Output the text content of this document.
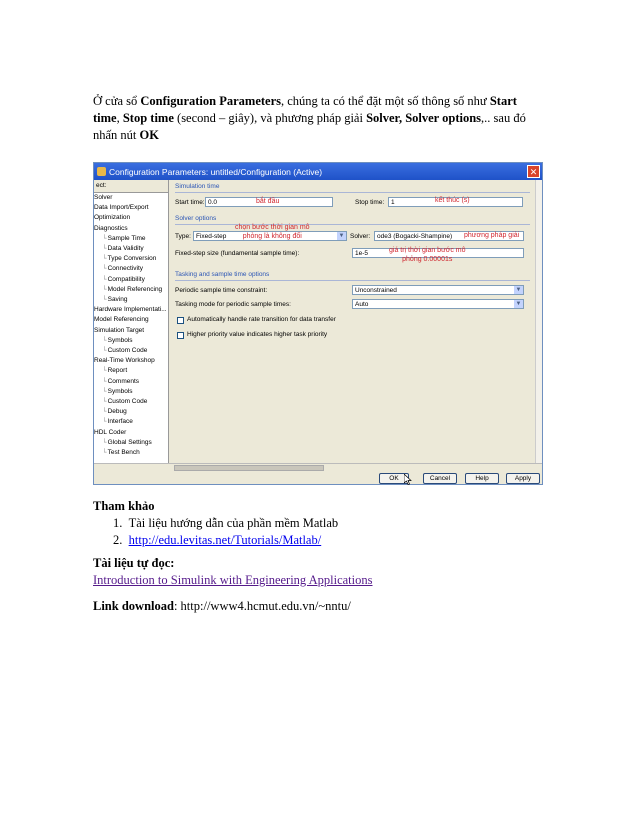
Ở cửa sổ Configuration Parameters, chúng ta có thể đặt một số thông số như Start
time, Stop time (second – giây), và phương pháp giải Solver, Solver options,.. sau đó
nhấn nút OK
Configuration Parameters: untitled/Configuration (Active)	✕
ect:
Solver
Data Import/Export
Optimization
Diagnostics
└ Sample Time
└ Data Validity
└ Type Conversion
└ Connectivity
└ Compatibility
└ Model Referencing
└ Saving
Hardware Implementati...
Model Referencing
Simulation Target
└ Symbols
└ Custom Code
Real-Time Workshop
└ Report
└ Comments
└ Symbols
└ Custom Code
└ Debug
└ Interface
HDL Coder
└ Global Settings
└ Test Bench
Simulation time
Start time: 0.0	bắt đầu	Stop time:	1	kết thúc (s)
Solver options
Type: Fixed-step	▼
chọn bước thời gian mô
phỏng là không đổi	Solver:	ode3 (Bogacki-Shampine)	phương pháp giải
Fixed-step size (fundamental sample time):	1e-5	giá trị thời gian bước mô
phỏng 0.00001s
Tasking and sample time options
Periodic sample time constraint:	Unconstrained	▼
Tasking mode for periodic sample times:	Auto	▼
Automatically handle rate transition for data transfer
Higher priority value indicates higher task priority
OK	Cancel	Help	Apply
Tham khảo
1. Tài liệu hướng dẫn của phần mềm Matlab
2. http://edu.levitas.net/Tutorials/Matlab/
Tài liệu tự đọc:
Introduction to Simulink with Engineering Applications
Link download: http://www4.hcmut.edu.vn/~nntu/
